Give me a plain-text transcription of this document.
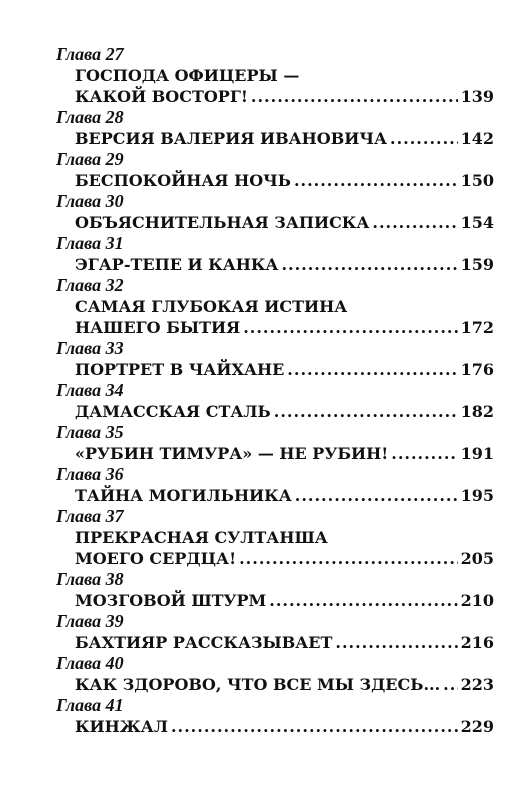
Глава 27
ГОСПОДА ОФИЦЕРЫ —
КАКОЙ ВОСТОРГ! .....	139
Глава 28
ВЕРСИЯ ВАЛЕРИЯ ИВАНОВИЧА .....	142
Глава 29
БЕСПОКОЙНАЯ НОЧЬ .....	150
Глава 30
ОБЪЯСНИТЕЛЬНАЯ ЗАПИСКА .....	154
Глава 31
ЭГАР-ТЕПЕ И КАНКА .....	159
Глава 32
САМАЯ ГЛУБОКАЯ ИСТИНА
НАШЕГО БЫТИЯ .....	172
Глава 33
ПОРТРЕТ В ЧАЙХАНЕ .....	176
Глава 34
ДАМАССКАЯ СТАЛЬ .....	182
Глава 35
«РУБИН ТИМУРА» — НЕ РУБИН! .....	191
Глава 36
ТАЙНА МОГИЛЬНИКА .....	195
Глава 37
ПРЕКРАСНАЯ СУЛТАНША
МОЕГО СЕРДЦА! .....	205
Глава 38
МОЗГОВОЙ ШТУРМ .....	210
Глава 39
БАХТИЯР РАССКАЗЫВАЕТ .....	216
Глава 40
КАК ЗДОРОВО, ЧТО ВСЕ МЫ ЗДЕСЬ... ..... 223
Глава 41
КИНЖАЛ .....	229
